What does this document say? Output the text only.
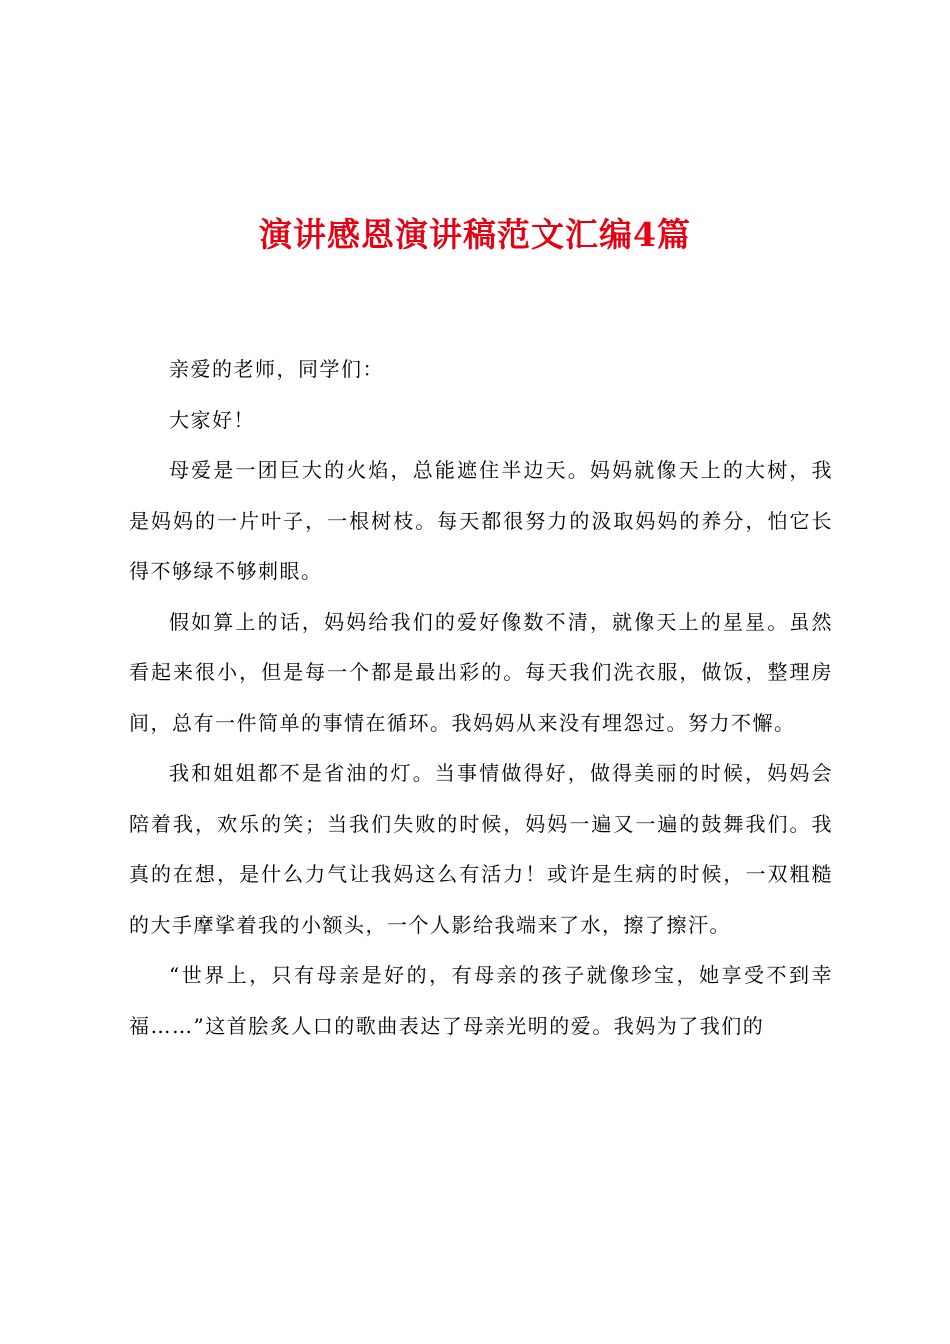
演讲感恩演讲稿范文汇编4篇

亲爱的老师，同学们：

大家好！

母爱是一团巨大的火焰，总能遮住半边天。妈妈就像天上的大树，我是妈妈的一片叶子，一根树枝。每天都很努力的汲取妈妈的养分，怕它长得不够绿不够刺眼。

假如算上的话，妈妈给我们的爱好像数不清，就像天上的星星。虽然看起来很小，但是每一个都是最出彩的。每天我们洗衣服，做饭，整理房间，总有一件简单的事情在循环。我妈妈从来没有埋怨过。努力不懈。

我和姐姐都不是省油的灯。当事情做得好，做得美丽的时候，妈妈会陪着我，欢乐的笑；当我们失败的时候，妈妈一遍又一遍的鼓舞我们。我真的在想，是什么力气让我妈这么有活力！或许是生病的时候，一双粗糙的大手摩挲着我的小额头，一个人影给我端来了水，擦了擦汗。

“世界上，只有母亲是好的，有母亲的孩子就像珍宝，她享受不到幸福……”这首脍炙人口的歌曲表达了母亲光明的爱。我妈为了我们的
